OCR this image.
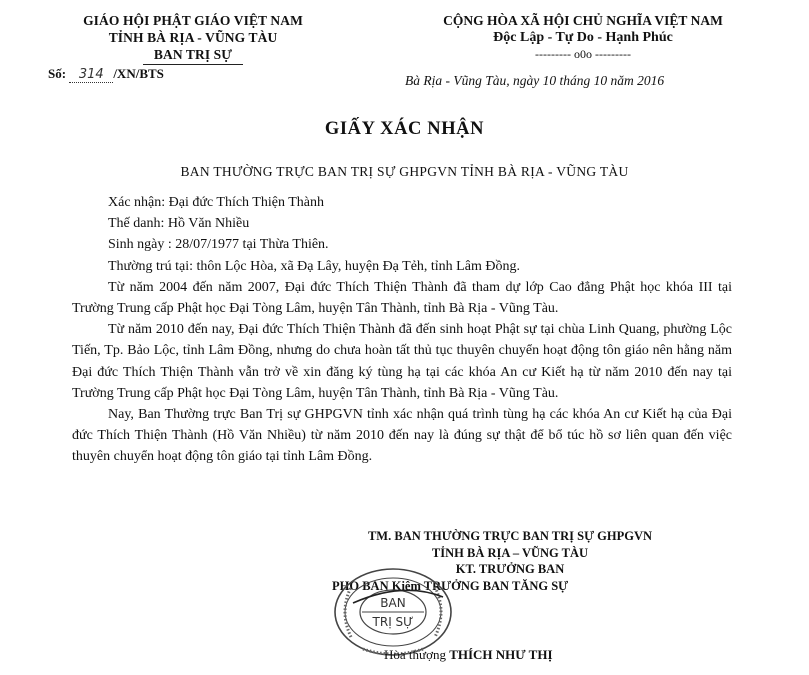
GIÁO HỘI PHẬT GIÁO VIỆT NAM
TỈNH BÀ RỊA - VŨNG TÀU
BAN TRỊ SỰ
Số: 314 /XN/BTS
CỘNG HÒA XÃ HỘI CHỦ NGHĨA VIỆT NAM
Độc Lập - Tự Do - Hạnh Phúc
--------- o0o ---------
Bà Rịa - Vũng Tàu, ngày 10 tháng 10 năm 2016
GIẤY XÁC NHẬN
BAN THƯỜNG TRỰC BAN TRỊ SỰ GHPGVN TỈNH BÀ RỊA - VŨNG TÀU

Xác nhận: Đại đức Thích Thiện Thành

Thế danh: Hồ Văn Nhiều

Sinh ngày : 28/07/1977 tại Thừa Thiên.

Thường trú tại: thôn Lộc Hòa, xã Đạ Lây, huyện Đạ Tẻh, tỉnh Lâm Đồng.

Từ năm 2004 đến năm 2007, Đại đức Thích Thiện Thành đã tham dự lớp Cao đẳng Phật học khóa III tại Trường Trung cấp Phật học Đại Tòng Lâm, huyện Tân Thành, tỉnh Bà Rịa - Vũng Tàu.

Từ năm 2010 đến nay, Đại đức Thích Thiện Thành đã đến sinh hoạt Phật sự tại chùa Linh Quang, phường Lộc Tiến, Tp. Bảo Lộc, tỉnh Lâm Đồng, nhưng do chưa hoàn tất thủ tục thuyên chuyển hoạt động tôn giáo nên hằng năm Đại đức Thích Thiện Thành vẫn trở về xin đăng ký tùng hạ tại các khóa An cư Kiết hạ từ năm 2010 đến nay tại Trường Trung cấp Phật học Đại Tòng Lâm, huyện Tân Thành, tỉnh Bà Rịa - Vũng Tàu.

Nay, Ban Thường trực Ban Trị sự GHPGVN tỉnh xác nhận quá trình tùng hạ các khóa An cư Kiết hạ của Đại đức Thích Thiện Thành (Hồ Văn Nhiều) từ năm 2010 đến nay là đúng sự thật để bổ túc hồ sơ liên quan đến việc thuyên chuyển hoạt động tôn giáo tại tỉnh Lâm Đồng.

TM. BAN THƯỜNG TRỰC BAN TRỊ SỰ GHPGVN
TỈNH BÀ RỊA – VŨNG TÀU
KT. TRƯỞNG BAN
PHÓ BAN Kiêm TRƯỞNG BAN TĂNG SỰ
BAN
TRỊ SỰ
Hòa thượng THÍCH NHƯ THỊ
